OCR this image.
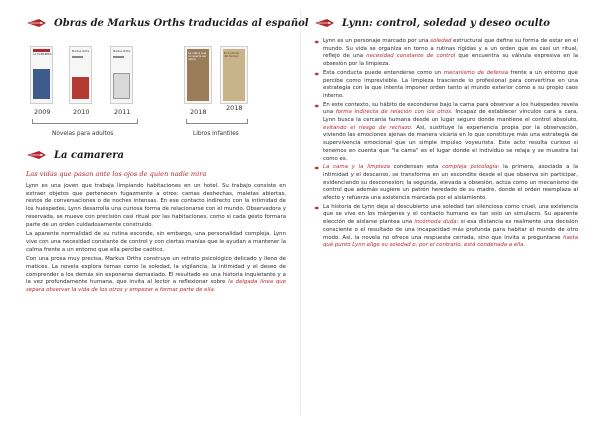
Obras de Markus Orths traducidas al español
LA CAMARERA
Markus Orths	Markus Orths	La cabra que no quería ser cabra
El molinillo del tiempo
2009	2010	2011	2018	2018
Novelas para adultos	Libros infantiles
La camarera
Las vidas que pasan ante los ojos de quien nadie mira

Lynn es una joven que trabaja limpiando habitaciones en un hotel. Su trabajo consiste en extraer objetos que pertenecen fugazmente a otros: camas deshechas, maletas abiertas, restos de conversaciones o de noches intensas. En ese contacto indirecto con la intimidad de los huéspedes, Lynn desarrolla una curiosa forma de relacionarse con el mundo. Observadora y reservada, se mueve con precisión casi ritual por las habitaciones, como si cada gesto formara parte de un orden cuidadosamente construido.

La aparente normalidad de su rutina esconde, sin embargo, una personalidad compleja. Lynn vive con una necesidad constante de control y con ciertas manías que le ayudan a mantener la calma frente a un entorno que ella percibe caótico.

Con una prosa muy precisa, Markus Orths construye un retrato psicológico delicado y lleno de matices. La novela explora temas como la soledad, la vigilancia, la intimidad y el deseo de comprender a los demás sin exponerse demasiado. El resultado es una historia inquietante y a la vez profundamente humana, que invita al lector a reflexionar sobre la delgada línea que separa observar la vida de los otros y empezar a formar parte de ella.

Lynn: control, soledad y deseo oculto
Lynn es un personaje marcado por una soledad estructural que define su forma de estar en el mundo. Su vida se organiza en torno a rutinas rígidas y a un orden que es casi un ritual, reflejo de una necesidad constante de control que encuentra su válvula expresiva en la obsesión por la limpieza.
Esta conducta puede entenderse como un mecanismo de defensa frente a un entorno que percibe como imprevisible. La limpieza trasciende lo profesional para convertirse en una estrategia con la que intenta imponer orden tanto al mundo exterior como a su propio caos interno.
En este contexto, su hábito de esconderse bajo la cama para observar a los huéspedes revela una forma indirecta de relación con los otros. Incapaz de establecer vínculos cara a cara, Lynn busca la cercanía humana desde un lugar seguro donde mantiene el control absoluto, evitando el riesgo de rechazo. Así, sustituye la experiencia propia por la observación, viviendo las emociones ajenas de manera vicaria en lo que constituye más una estrategia de supervivencia emocional que un simple impulso voyeurista. Este acto resulta curioso si tenemos en cuenta que "la cama" es el lugar donde el individuo se relaja y se muestra tal como es.
La cama y la limpieza condensan esta compleja psicología: la primera, asociada a la intimidad y el descanso, se transforma en un escondite desde el que observa sin participar, evidenciando su desconexión; la segunda, elevada a obsesión, actúa como un mecanismo de control que además sugiere un patrón heredado de su madre, donde el orden reemplaza al afecto y refuerza una existencia marcada por el aislamiento.
La historia de Lynn deja al descubierto una soledad tan silenciosa como cruel, una existencia que se vive en los márgenes y el contacto humano es tan solo un simulacro. Su aparente elección de aislarse plantea una incómoda duda: si esa distancia es realmente una decisión consciente o el resultado de una incapacidad más profunda para habitar el mundo de otro modo. Así, la novela no ofrece una respuesta cerrada, sino que invita a preguntarse hasta qué punto Lynn elige su soledad o, por el contrario, está condenada a ella.
